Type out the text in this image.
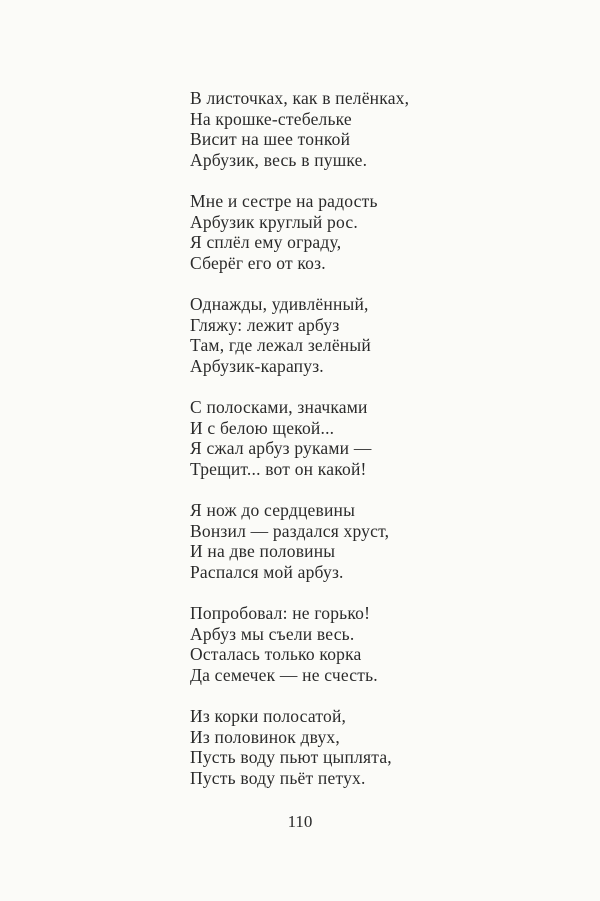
В листочках, как в пелёнках,
На крошке-стебельке
Висит на шее тонкой
Арбузик, весь в пушке.
Мне и сестре на радость
Арбузик круглый рос.
Я сплёл ему ограду,
Сберёг его от коз.
Однажды, удивлённый,
Гляжу: лежит арбуз
Там, где лежал зелёный
Арбузик-карапуз.
С полосками, значками
И с белою щекой...
Я сжал арбуз руками —
Трещит... вот он какой!
Я нож до сердцевины
Вонзил — раздался хруст,
И на две половины
Распался мой арбуз.
Попробовал: не горько!
Арбуз мы съели весь.
Осталась только корка
Да семечек — не счесть.
Из корки полосатой,
Из половинок двух,
Пусть воду пьют цыплята,
Пусть воду пьёт петух.
110
